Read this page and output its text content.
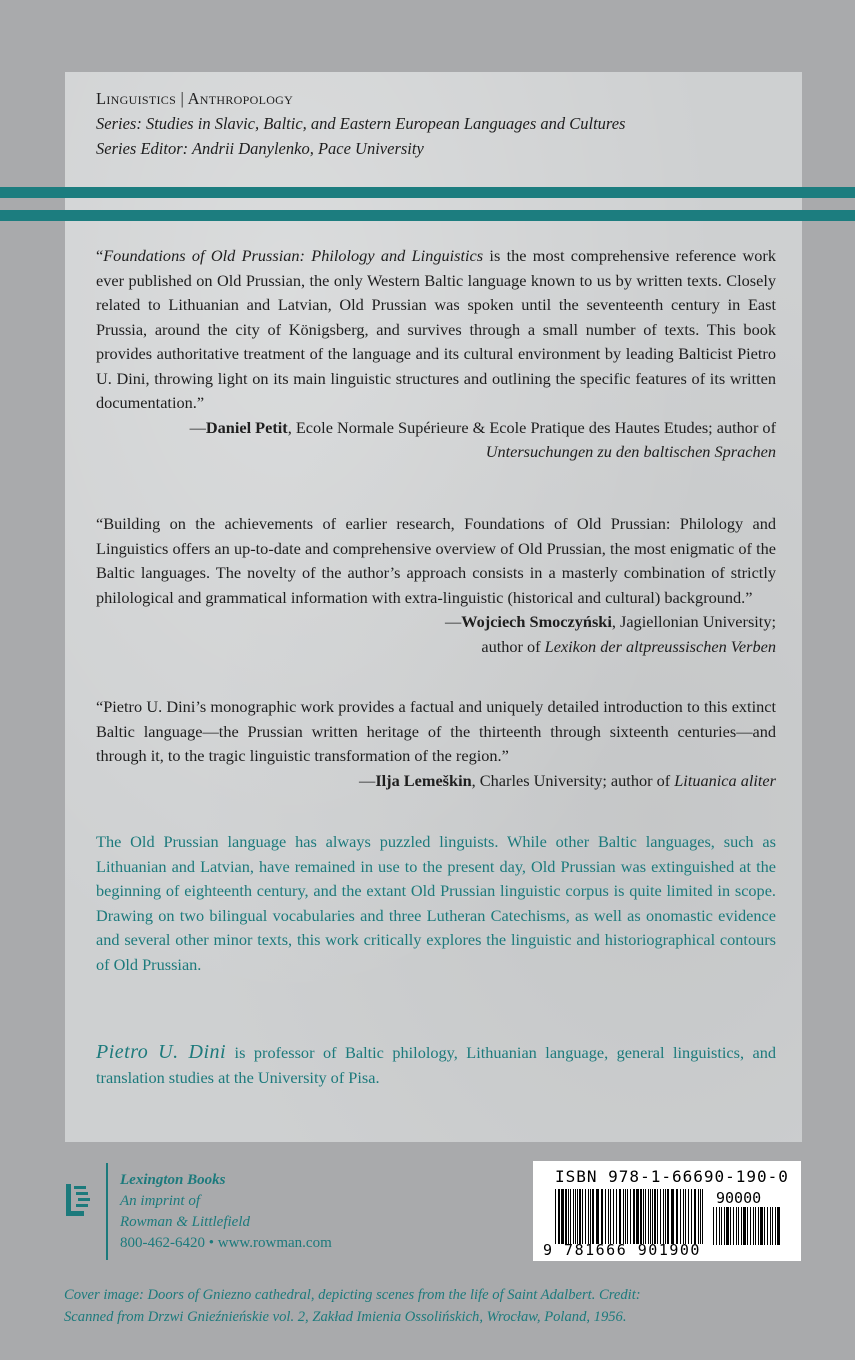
Linguistics | Anthropology
Series: Studies in Slavic, Baltic, and Eastern European Languages and Cultures
Series Editor: Andrii Danylenko, Pace University
“Foundations of Old Prussian: Philology and Linguistics is the most comprehensive reference work ever published on Old Prussian, the only Western Baltic language known to us by written texts. Closely related to Lithuanian and Latvian, Old Prussian was spoken until the seventeenth century in East Prussia, around the city of Königsberg, and survives through a small number of texts. This book provides authoritative treatment of the language and its cultural environment by leading Balticist Pietro U. Dini, throwing light on its main linguistic structures and outlining the specific features of its written documentation.”
—Daniel Petit, Ecole Normale Supérieure & Ecole Pratique des Hautes Etudes; author of Untersuchungen zu den baltischen Sprachen
“Building on the achievements of earlier research, Foundations of Old Prussian: Philology and Linguistics offers an up-to-date and comprehensive overview of Old Prussian, the most enigmatic of the Baltic languages. The novelty of the author’s approach consists in a masterly combination of strictly philological and grammatical information with extra-linguistic (historical and cultural) background.”
—Wojciech Smoczyński, Jagiellonian University;
author of Lexikon der altpreussischen Verben
“Pietro U. Dini’s monographic work provides a factual and uniquely detailed introduction to this extinct Baltic language—the Prussian written heritage of the thirteenth through sixteenth centuries—and through it, to the tragic linguistic transformation of the region.”
—Ilja Lemeškin, Charles University; author of Lituanica aliter
The Old Prussian language has always puzzled linguists. While other Baltic languages, such as Lithuanian and Latvian, have remained in use to the present day, Old Prussian was extinguished at the beginning of eighteenth century, and the extant Old Prussian linguistic corpus is quite limited in scope. Drawing on two bilingual vocabularies and three Lutheran Catechisms, as well as onomastic evidence and several other minor texts, this work critically explores the linguistic and historiographical contours of Old Prussian.
Pietro U. Dini is professor of Baltic philology, Lithuanian language, general linguistics, and translation studies at the University of Pisa.
Lexington Books
An imprint of
Rowman & Littlefield
800-462-6420 • www.rowman.com
ISBN 978-1-66690-190-0
90000
9 781666 901900
Cover image: Doors of Gniezno cathedral, depicting scenes from the life of Saint Adalbert. Credit:
Scanned from Drzwi Gnieźnieńskie vol. 2, Zakład Imienia Ossolińskich, Wrocław, Poland, 1956.
